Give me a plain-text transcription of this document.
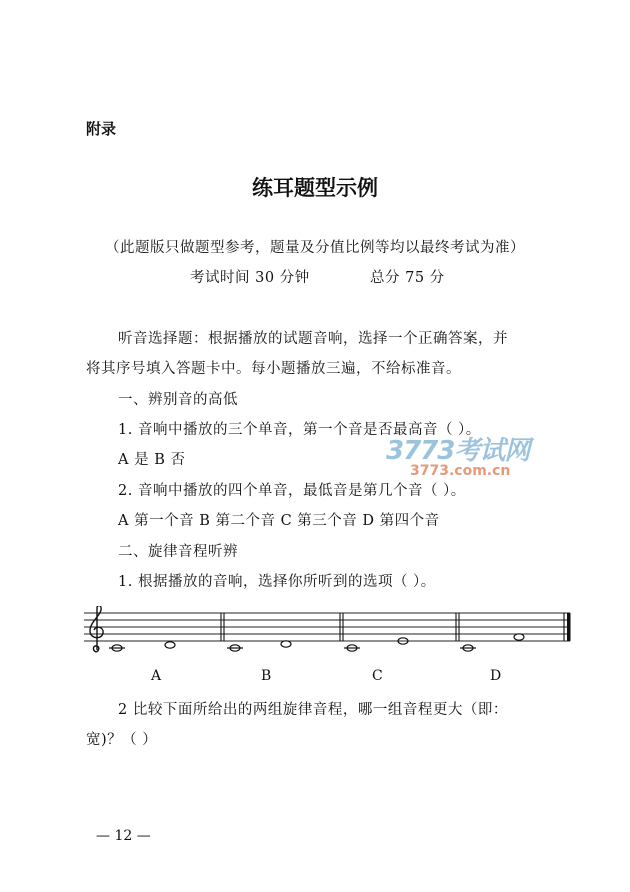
附录
练耳题型示例
（此题版只做题型参考，题量及分值比例等均以最终考试为准）
考试时间 30 分钟	总分 75 分
听音选择题：根据播放的试题音响，选择一个正确答案，并
将其序号填入答题卡中。每小题播放三遍，不给标准音。
一、辨别音的高低
1. 音响中播放的三个单音，第一个音是否最高音（ ）。
A 是 B 否
2. 音响中播放的四个单音，最低音是第几个音（ ）。
A 第一个音 B 第二个音 C 第三个音 D 第四个音
二、旋律音程听辨
1. 根据播放的音响，选择你所听到的选项（ ）。
3773考试网
3773.com.cn
A	B	C	D
2 比较下面所给出的两组旋律音程，哪一组音程更大（即：
宽)？（ ）
— 12 —
